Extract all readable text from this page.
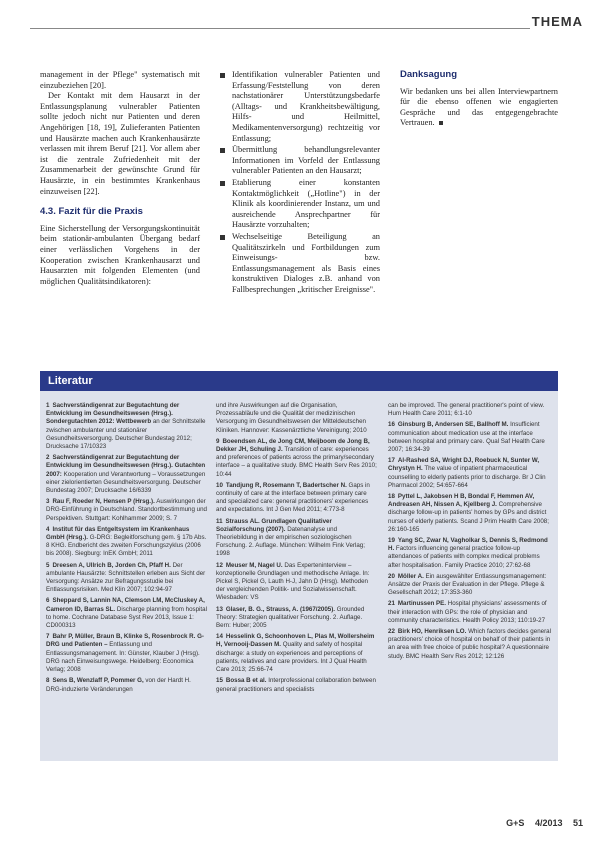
THEMA

management in der Pflege" systematisch mit einzubeziehen [20].

Der Kontakt mit dem Hausarzt in der Entlassungsplanung vulnerabler Patienten sollte jedoch nicht nur Patienten und deren Angehörigen [18, 19], Zulieferanten Patienten und Hausärzte machen auch Krankenhausärzte verlassen mit ihrem Beruf [21]. Vor allem aber ist die zentrale Zufriedenheit mit der Zusammenarbeit der gewünschte Grund für Hausärzte, in ein bestimmtes Krankenhaus einzuweisen [22].

4.3. Fazit für die Praxis

Eine Sicherstellung der Versorgungskontinuität beim stationär-ambulanten Übergang bedarf einer verlässlichen Vorgehens in der Kooperation zwischen Krankenhausarzt und Hausarzten mit folgenden Elementen (und möglichen Qualitätsindikatoren):

Identifikation vulnerabler Patienten und Erfassung/Feststellung von deren nachstationärer Unterstützungsbedarfe (Alltags- und Krankheitsbewältigung, Hilfs- und Heilmittel, Medikamentenversorgung) rechtzeitig vor Entlassung;
Übermittlung behandlungsrelevanter Informationen im Vorfeld der Entlassung vulnerabler Patienten an den Hausarzt;
Etablierung einer konstanten Kontaktmöglichkeit („Hotline") in der Klinik als koordinierender Instanz, um und ausreichende Ansprechpartner für Hausärzte vorzuhalten;
Wechselseitige Beteiligung an Qualitätszirkeln und Fortbildungen zum Einweisungs- bzw. Entlassungsmanagement als Basis eines konstruktiven Dialoges z.B. anhand von Fallbesprechungen „kritischer Ereignisse".
Danksagung

Wir bedanken uns bei allen Interviewpartnern für die ebenso offenen wie engagierten Gespräche und das entgegengebrachte Vertrauen.

Literatur

1 Sachverständigenrat zur Begutachtung der Entwicklung im Gesundheitswesen (Hrsg.). Sondergutachten 2012: Wettbewerb an der Schnittstelle zwischen ambulanter und stationärer Gesundheitsversorgung. Deutscher Bundestag 2012; Drucksache 17/10323

2 Sachverständigenrat zur Begutachtung der Entwicklung im Gesundheitswesen (Hrsg.). Gutachten 2007: Kooperation und Verantwortung – Voraussetzungen einer zielorientierten Gesundheitsversorgung. Deutscher Bundestag 2007; Drucksache 16/6339

3 Rau F, Roeder N, Hensen P (Hrsg.). Auswirkungen der DRG-Einführung in Deutschland. Standortbestimmung und Perspektiven. Stuttgart: Kohlhammer 2009; S. 7

4 Institut für das Entgeltsystem im Krankenhaus GmbH (Hrsg.). G-DRG: Begleitforschung gem. § 17b Abs. 8 KHG. Endbericht des zweiten Forschungszyklus (2006 bis 2008). Siegburg: InEK GmbH; 2011

5 Dreesen A, Ullrich B, Jorden Ch, Pfaff H. Der ambulante Hausärzte: Schnittstellen erleben aus Sicht der Versorgung: Ansätze zur Befragungsstudie bei Entlassungsrisiken. Med Klin 2007; 102:94-97

6 Sheppard S, Lannin NA, Clemson LM, McCluskey A, Cameron ID, Barras SL. Discharge planning from hospital to home. Cochrane Database Syst Rev 2013, Issue 1: CD000313

7 Bahr P, Müller, Braun B, Klinke S, Rosenbrock R. G-DRG und Patienten – Entlassung und Entlassungsmanagement. In: Günster, Klauber J (Hrsg). DRG nach Einweisungswege. Heidelberg: Economica Verlag; 2008

8 Sens B, Wenzlaff P, Pommer G, von der Hardt H. DRG-induzierte Veränderungen

und ihre Auswirkungen auf die Organisation, Prozessabläufe und die Qualität der medizinischen Versorgung im Gesundheitswesen der Mitteldeutschen Kliniken. Hannover: Kassenärztliche Vereinigung; 2010

9 Boeendsen AL, de Jong CM, Meijboom de Jong B, Dekker JH, Schuling J. Transition of care: experiences and preferences of patients across the primary/secondary interface – a qualitative study. BMC Health Serv Res 2010; 10:44

10 Tandjung R, Rosemann T, Badertscher N. Gaps in continuity of care at the interface between primary care and specialized care: general practitioners' experiences and expectations. Int J Gen Med 2011; 4:773-8

11 Strauss AL. Grundlagen Qualitativer Sozialforschung (2007). Datenanalyse und Theoriebildung in der empirischen soziologischen Forschung. 2. Auflage. München: Wilhelm Fink Verlag; 1998

12 Meuser M, Nagel U. Das Experteninterview – konzeptionelle Grundlagen und methodische Anlage. In: Pickel S, Pickel G, Lauth H-J, Jahn D (Hrsg). Methoden der vergleichenden Politik- und Sozialwissenschaft. Wiesbaden: VS

13 Glaser, B. G., Strauss, A. (1967/2005). Grounded Theory: Strategien qualitativer Forschung. 2. Auflage. Bern: Huber; 2005

14 Hesselink G, Schoonhoven L, Plas M, Wollersheim H, Vernooij-Dassen M. Quality and safety of hospital discharge: a study on experiences and perceptions of patients, relatives and care providers. Int J Qual Health Care 2013; 25:66-74

15 Bossa B et al. Interprofessional collaboration between general practitioners and specialists

can be improved. The general practitioner's point of view. Hum Health Care 2011; 6:1-10

16 Ginsburg B, Andersen SE, Ballhoff M. Insufficient communication about medication use at the interface between hospital and primary care. Qual Saf Health Care 2007; 16:34-39

17 Al-Rashed SA, Wright DJ, Roebuck N, Sunter W, Chrystyn H. The value of inpatient pharmaceutical counselling to elderly patients prior to discharge. Br J Clin Pharmacol 2002; 54:657-664

18 Pyttel L, Jakobsen H B, Bondal F, Hemmen AV, Andreasen AH, Nissen A, Kjellberg J. Comprehensive discharge follow-up in patients' homes by GPs and district nurses of elderly patients. Scand J Prim Health Care 2008; 26:160-165

19 Yang SC, Zwar N, Vagholkar S, Dennis S, Redmond H. Factors influencing general practice follow-up attendances of patients with complex medical problems after hospitalisation. Family Practice 2010; 27:62-68

20 Möller A. Ein ausgewählter Entlassungsmanagement: Ansätze der Praxis der Evaluation in der Pflege. Pflege & Gesellschaft 2012; 17:353-360

21 Martinussen PE. Hospital physicians' assessments of their interaction with GPs: the role of physician and community characteristics. Health Policy 2013; 110:19-27

22 Birk HO, Henriksen LO. Which factors decides general practitioners' choice of hospital on behalf of their patients in an area with free choice of public hospital? A questionnaire study. BMC Health Serv Res 2012; 12:126

G+S 4/2013 51
